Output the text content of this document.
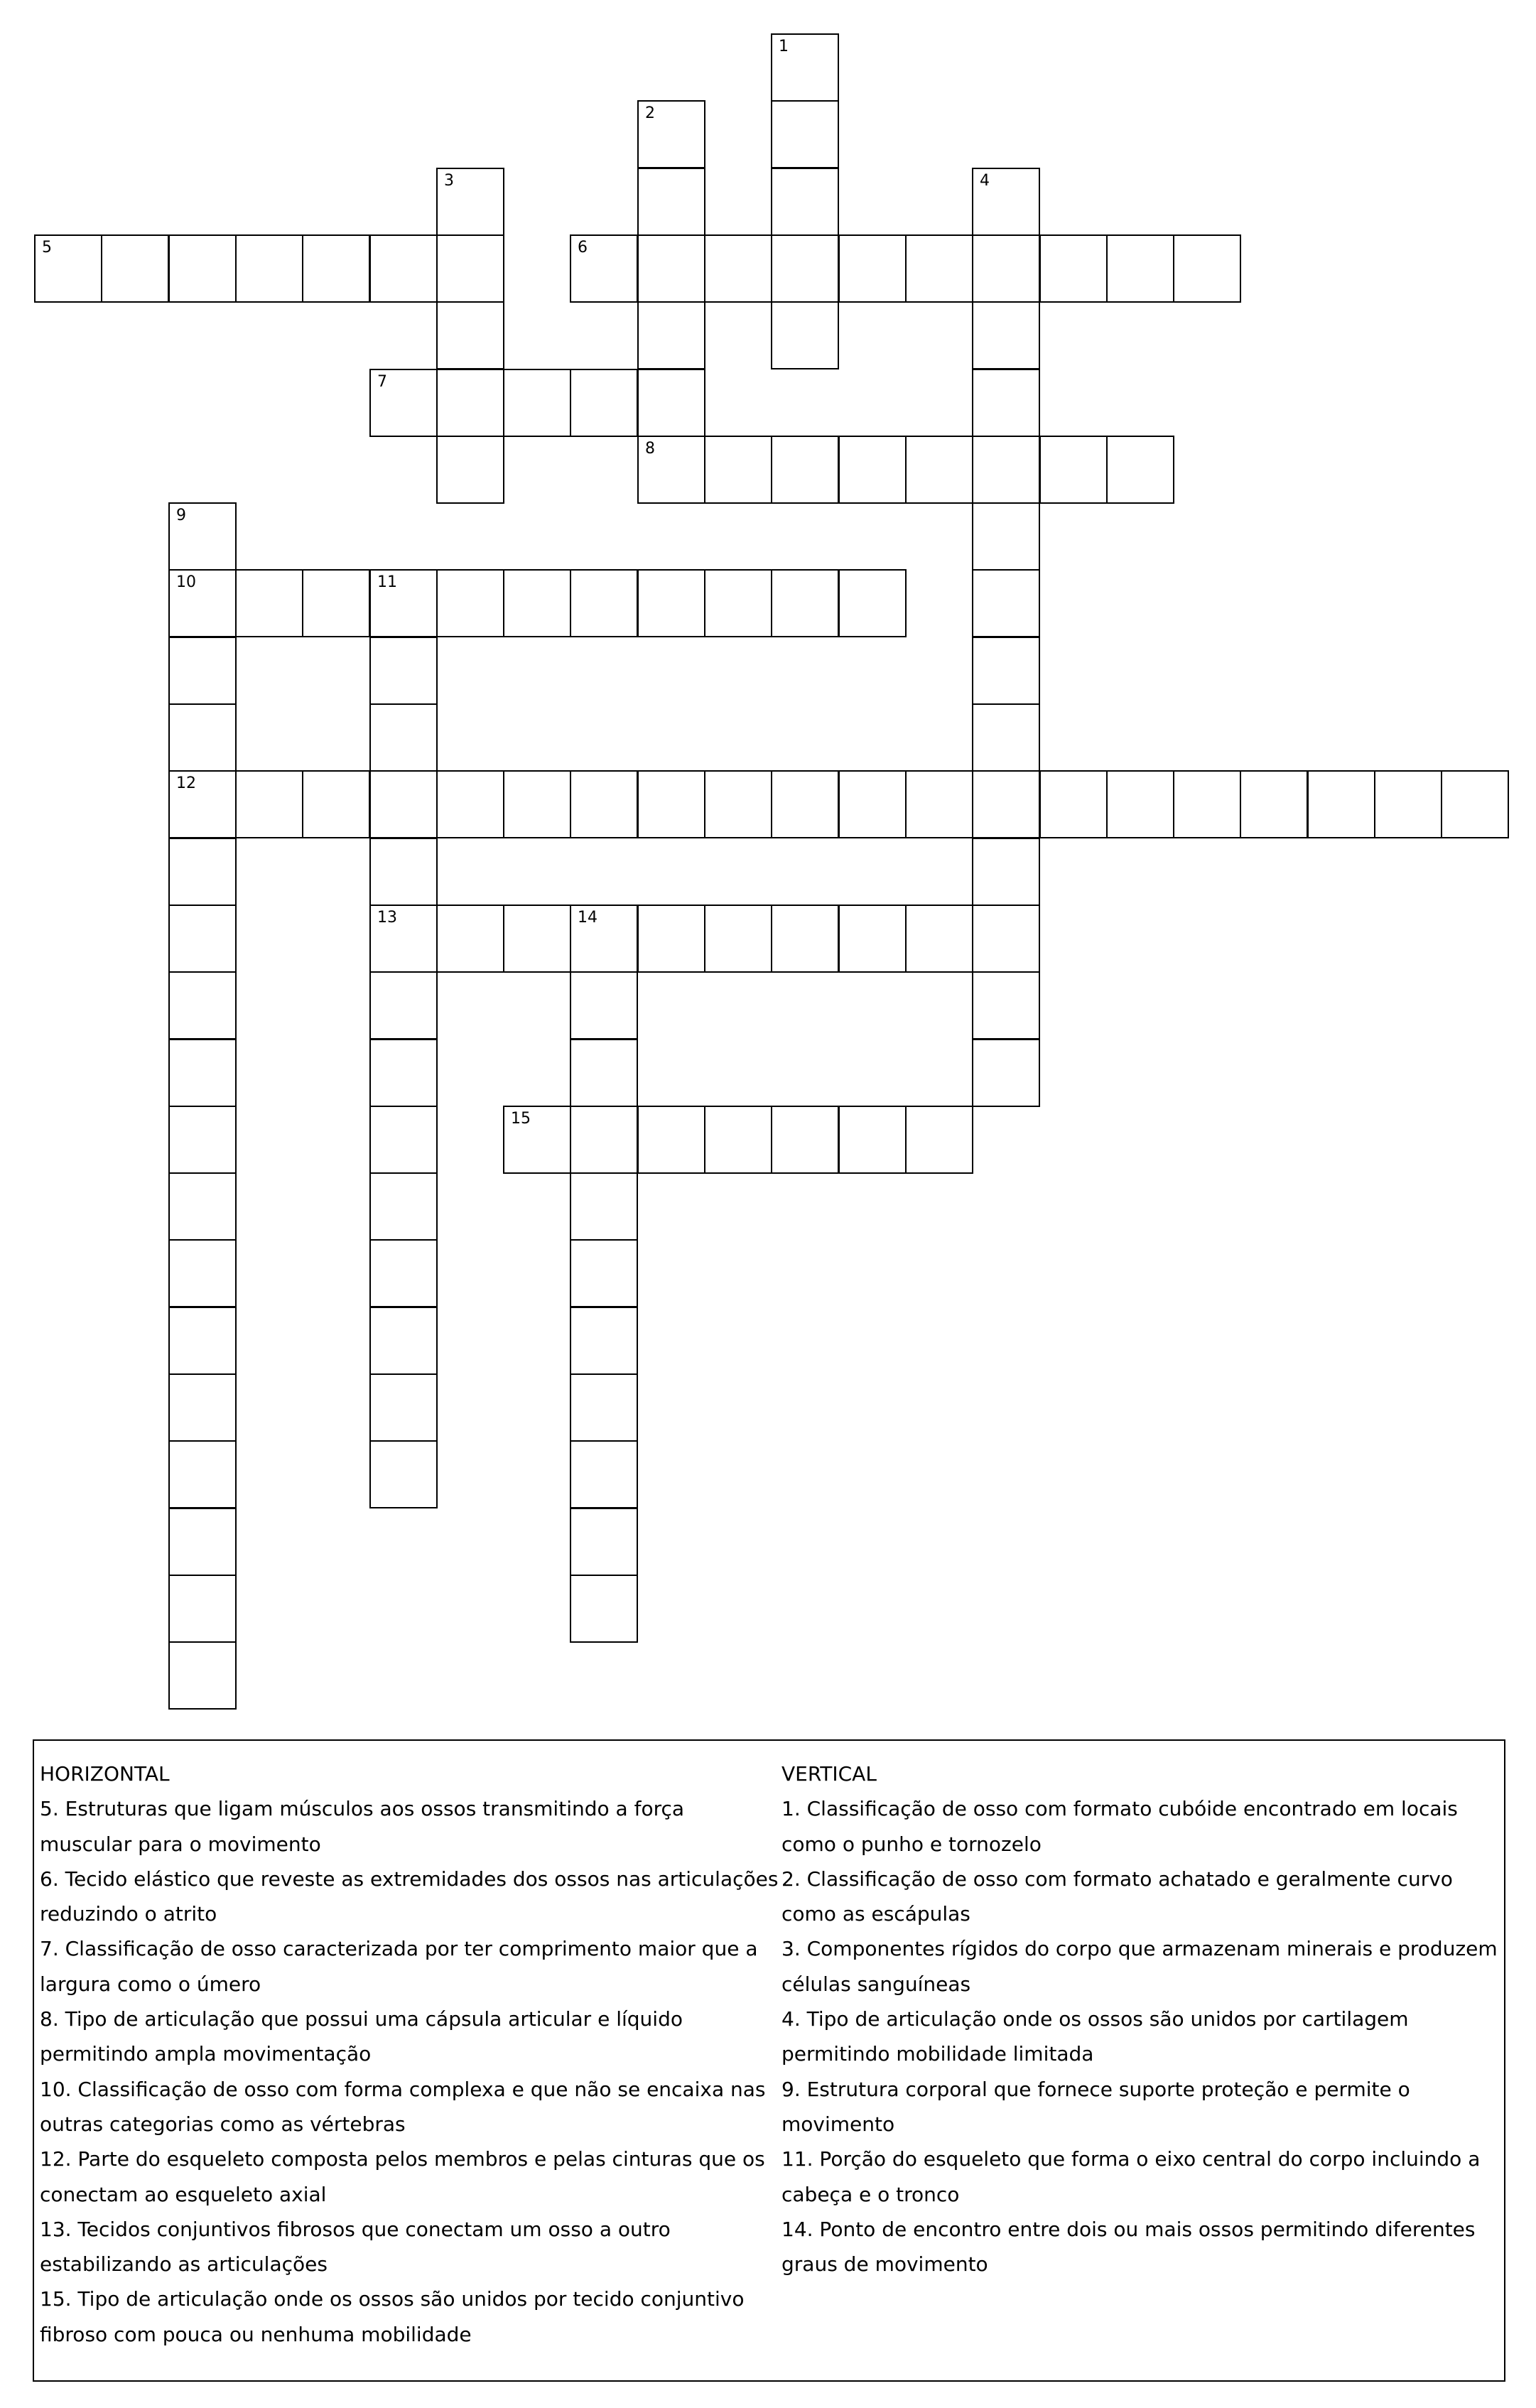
1
2
3	4
5	6
7
8
9
10
12
11
13	14
15
HORIZONTAL
5. Estruturas que ligam músculos aos ossos transmitindo a força muscular para o movimento
6. Tecido elástico que reveste as extremidades dos ossos nas articulações reduzindo o atrito
7. Classificação de osso caracterizada por ter comprimento maior que a largura como o úmero
8. Tipo de articulação que possui uma cápsula articular e líquido permitindo ampla movimentação
10. Classificação de osso com forma complexa e que não se encaixa nas outras categorias como as vértebras
12. Parte do esqueleto composta pelos membros e pelas cinturas que os conectam ao esqueleto axial
13. Tecidos conjuntivos fibrosos que conectam um osso a outro estabilizando as articulações
15. Tipo de articulação onde os ossos são unidos por tecido conjuntivo fibroso com pouca ou nenhuma mobilidade
VERTICAL
1. Classificação de osso com formato cubóide encontrado em locais como o punho e tornozelo
2. Classificação de osso com formato achatado e geralmente curvo como as escápulas
3. Componentes rígidos do corpo que armazenam minerais e produzem células sanguíneas
4. Tipo de articulação onde os ossos são unidos por cartilagem permitindo mobilidade limitada
9. Estrutura corporal que fornece suporte proteção e permite o movimento
11. Porção do esqueleto que forma o eixo central do corpo incluindo a cabeça e o tronco
14. Ponto de encontro entre dois ou mais ossos permitindo diferentes graus de movimento
